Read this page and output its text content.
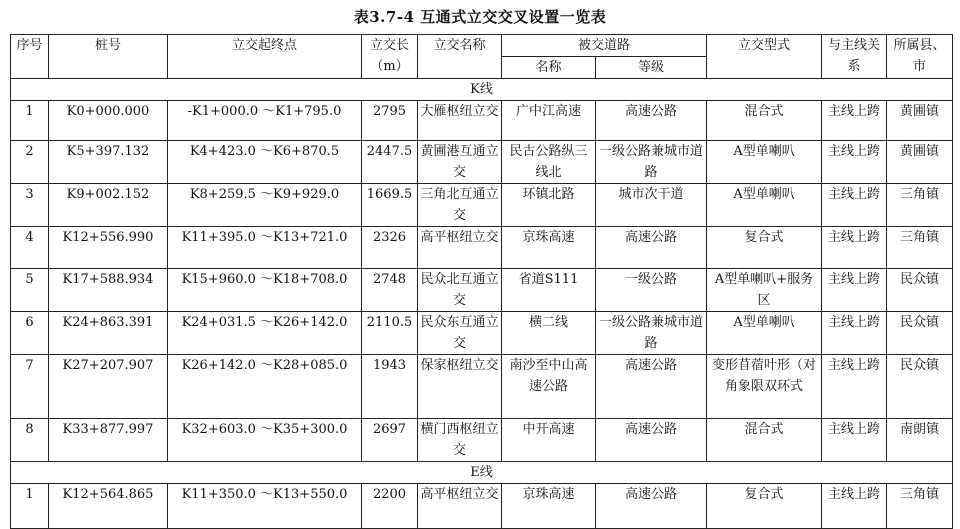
表3.7-4 互通式立交交叉设置一览表
序号	桩号	立交起终点	立交长（m）	立交名称	被交道路		立交型式	与主线关系	所属县、市
					名称	等级			
K线									
1	K0+000.000	-K1+000.0 ～K1+795.0	2795	大雁枢纽立交	广中江高速	高速公路	混合式	主线上跨	黄圃镇
2	K5+397.132	K4+423.0 ～K6+870.5	2447.5	黄圃港互通立交	民古公路纵三线北	一级公路兼城市道路	A型单喇叭	主线上跨	黄圃镇
3	K9+002.152	K8+259.5 ～K9+929.0	1669.5	三角北互通立交	环镇北路	城市次干道	A型单喇叭	主线上跨	三角镇
4	K12+556.990	K11+395.0 ～K13+721.0	2326	高平枢纽立交	京珠高速	高速公路	复合式	主线上跨	三角镇
5	K17+588.934	K15+960.0 ～K18+708.0	2748	民众北互通立交	省道S111	一级公路	A型单喇叭+服务区	主线上跨	民众镇
6	K24+863.391	K24+031.5 ～K26+142.0	2110.5	民众东互通立交	横二线	一级公路兼城市道路	A型单喇叭	主线上跨	民众镇
7	K27+207.907	K26+142.0 ～K28+085.0	1943	保家枢纽立交	南沙至中山高速公路	高速公路	变形苜蓿叶形（对角象限双环式	主线上跨	民众镇
8	K33+877.997	K32+603.0 ～K35+300.0	2697	横门西枢纽立交	中开高速	高速公路	混合式	主线上跨	南朗镇
E线									
1	K12+564.865	K11+350.0 ～K13+550.0	2200	高平枢纽立交	京珠高速	高速公路	复合式	主线上跨	三角镇
